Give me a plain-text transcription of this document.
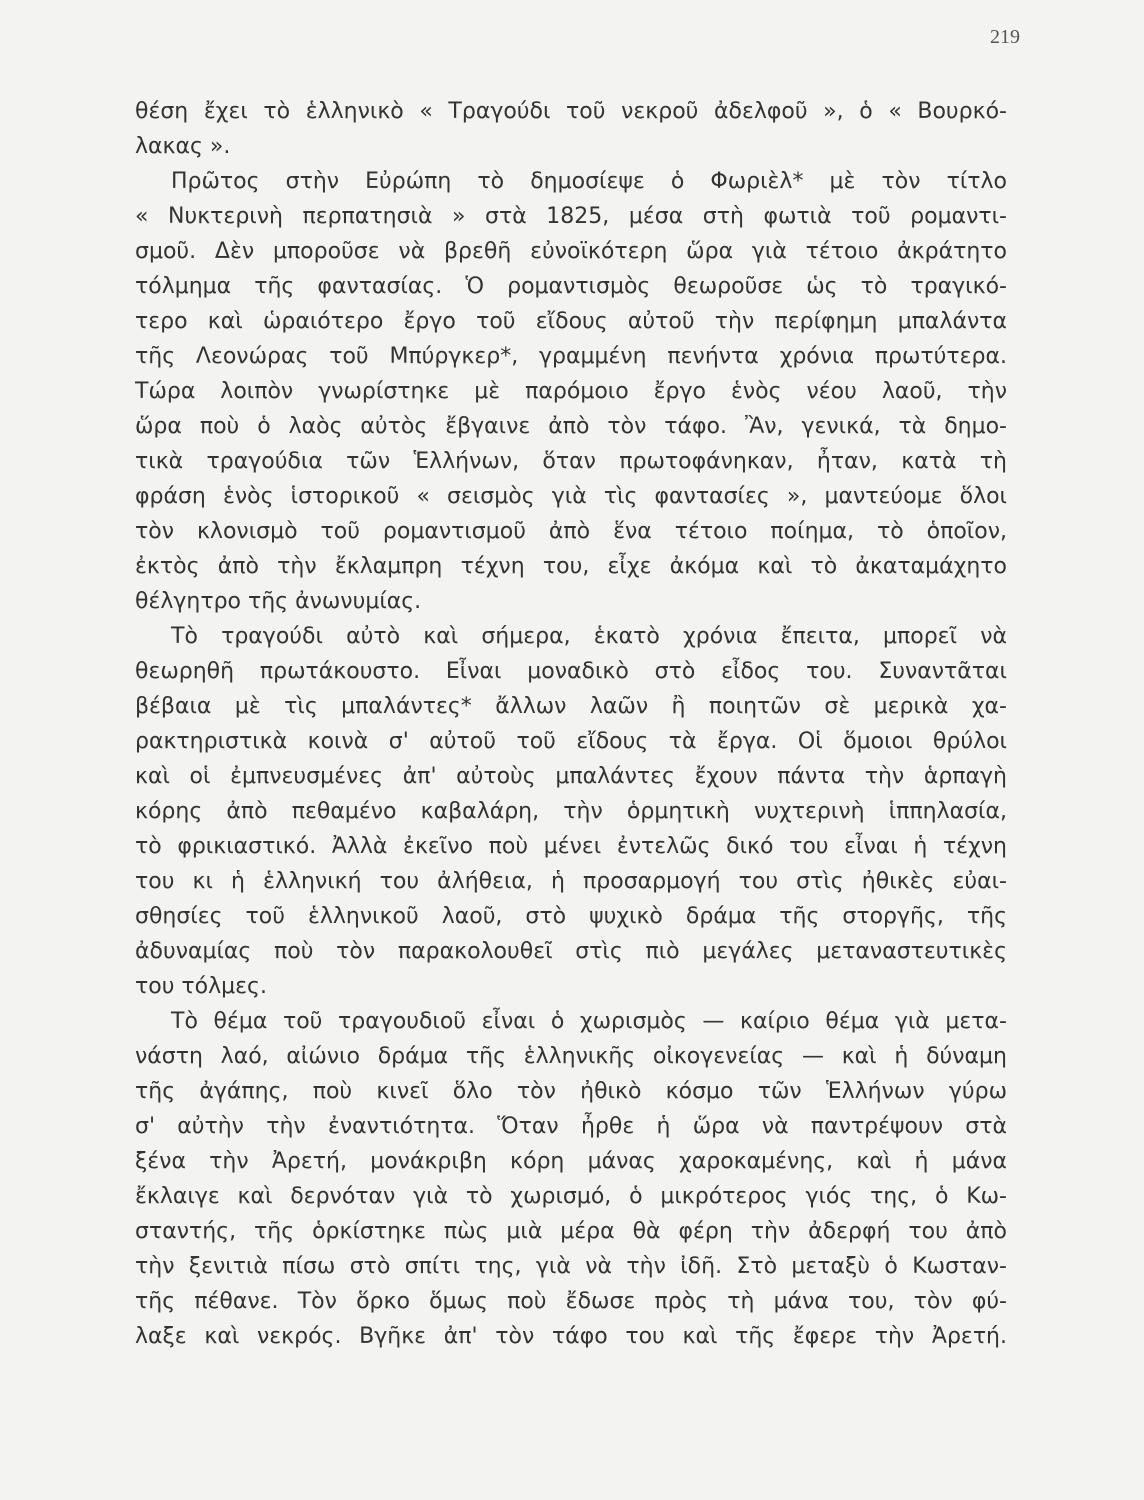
219
θέση ἔχει τὸ ἑλληνικὸ « Τραγούδι τοῦ νεκροῦ ἀδελφοῦ », ὁ « Βουρκό-
λακας ».
Πρῶτος στὴν Εὐρώπη τὸ δημοσίεψε ὁ Φωριὲλ* μὲ τὸν τίτλο
« Νυκτερινὴ περπατησιὰ » στὰ 1825, μέσα στὴ φωτιὰ τοῦ ρομαντι-
σμοῦ. Δὲν μποροῦσε νὰ βρεθῆ εὐνοϊκότερη ὥρα γιὰ τέτοιο ἀκράτητο
τόλμημα τῆς φαντασίας. Ὁ ρομαντισμὸς θεωροῦσε ὡς τὸ τραγικό-
τερο καὶ ὡραιότερο ἔργο τοῦ εἴδους αὐτοῦ τὴν περίφημη μπαλάντα
τῆς Λεονώρας τοῦ Μπύργκερ*, γραμμένη πενήντα χρόνια πρωτύτερα.
Τώρα λοιπὸν γνωρίστηκε μὲ παρόμοιο ἔργο ἑνὸς νέου λαοῦ, τὴν
ὥρα ποὺ ὁ λαὸς αὐτὸς ἔβγαινε ἀπὸ τὸν τάφο. Ἂν, γενικά, τὰ δημο-
τικὰ τραγούδια τῶν Ἑλλήνων, ὅταν πρωτοφάνηκαν, ἦταν, κατὰ τὴ
φράση ἑνὸς ἱστορικοῦ « σεισμὸς γιὰ τὶς φαντασίες », μαντεύομε ὅλοι
τὸν κλονισμὸ τοῦ ρομαντισμοῦ ἀπὸ ἕνα τέτοιο ποίημα, τὸ ὁποῖον,
ἐκτὸς ἀπὸ τὴν ἔκλαμπρη τέχνη του, εἶχε ἀκόμα καὶ τὸ ἀκαταμάχητο
θέλγητρο τῆς ἀνωνυμίας.
Τὸ τραγούδι αὐτὸ καὶ σήμερα, ἑκατὸ χρόνια ἔπειτα, μπορεῖ νὰ
θεωρηθῆ πρωτάκουστο. Εἶναι μοναδικὸ στὸ εἶδος του. Συναντᾶται
βέβαια μὲ τὶς μπαλάντες* ἄλλων λαῶν ἢ ποιητῶν σὲ μερικὰ χα-
ρακτηριστικὰ κοινὰ σ' αὐτοῦ τοῦ εἴδους τὰ ἔργα. Οἱ ὅμοιοι θρύλοι
καὶ οἱ ἐμπνευσμένες ἀπ' αὐτοὺς μπαλάντες ἔχουν πάντα τὴν ἁρπαγὴ
κόρης ἀπὸ πεθαμένο καβαλάρη, τὴν ὁρμητικὴ νυχτερινὴ ἱππηλασία,
τὸ φρικιαστικό. Ἀλλὰ ἐκεῖνο ποὺ μένει ἐντελῶς δικό του εἶναι ἡ τέχνη
του κι ἡ ἑλληνική του ἀλήθεια, ἡ προσαρμογή του στὶς ἠθικὲς εὐαι-
σθησίες τοῦ ἑλληνικοῦ λαοῦ, στὸ ψυχικὸ δράμα τῆς στοργῆς, τῆς
ἀδυναμίας ποὺ τὸν παρακολουθεῖ στὶς πιὸ μεγάλες μεταναστευτικὲς
του τόλμες.
Τὸ θέμα τοῦ τραγουδιοῦ εἶναι ὁ χωρισμὸς — καίριο θέμα γιὰ μετα-
νάστη λαό, αἰώνιο δράμα τῆς ἑλληνικῆς οἰκογενείας — καὶ ἡ δύναμη
τῆς ἀγάπης, ποὺ κινεῖ ὅλο τὸν ἠθικὸ κόσμο τῶν Ἑλλήνων γύρω
σ' αὐτὴν τὴν ἐναντιότητα. Ὅταν ἦρθε ἡ ὥρα νὰ παντρέψουν στὰ
ξένα τὴν Ἀρετή, μονάκριβη κόρη μάνας χαροκαμένης, καὶ ἡ μάνα
ἔκλαιγε καὶ δερνόταν γιὰ τὸ χωρισμό, ὁ μικρότερος γιός της, ὁ Κω-
σταντής, τῆς ὁρκίστηκε πὼς μιὰ μέρα θὰ φέρη τὴν ἀδερφή του ἀπὸ
τὴν ξενιτιὰ πίσω στὸ σπίτι της, γιὰ νὰ τὴν ἰδῆ. Στὸ μεταξὺ ὁ Κωσταν-
τῆς πέθανε. Τὸν ὅρκο ὅμως ποὺ ἔδωσε πρὸς τὴ μάνα του, τὸν φύ-
λαξε καὶ νεκρός. Βγῆκε ἀπ' τὸν τάφο του καὶ τῆς ἔφερε τὴν Ἀρετή.
